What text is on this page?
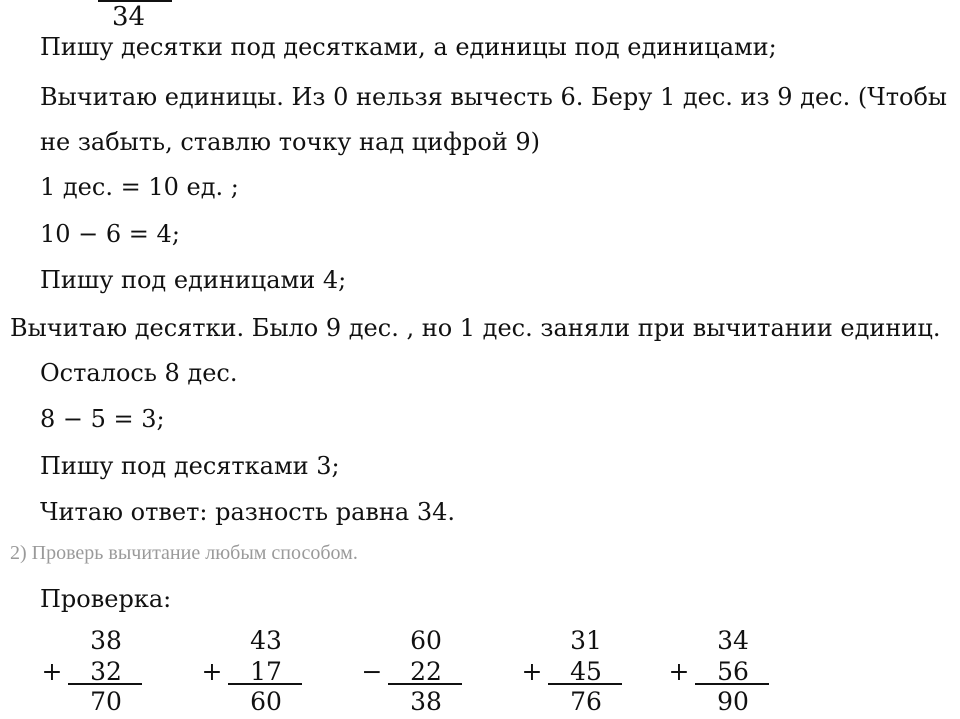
34
Пишу десятки под десятками, а единицы под единицами;
Вычитаю единицы. Из 0 нельзя вычесть 6. Беру 1 дес. из 9 дес. (Чтобы
не забыть, ставлю точку над цифрой 9)
1 дес. = 10 ед. ;
10 − 6 = 4;
Пишу под единицами 4;
Вычитаю десятки. Было 9 дес. , но 1 дес. заняли при вычитании единиц.
Осталось 8 дес.
8 − 5 = 3;
Пишу под десятками 3;
Читаю ответ: разность равна 34.
2) Проверь вычитание любым способом.
Проверка:
+
38
32
70
+
43
17
60
−
60
22
38
+
31
45
76
+
34
56
90
